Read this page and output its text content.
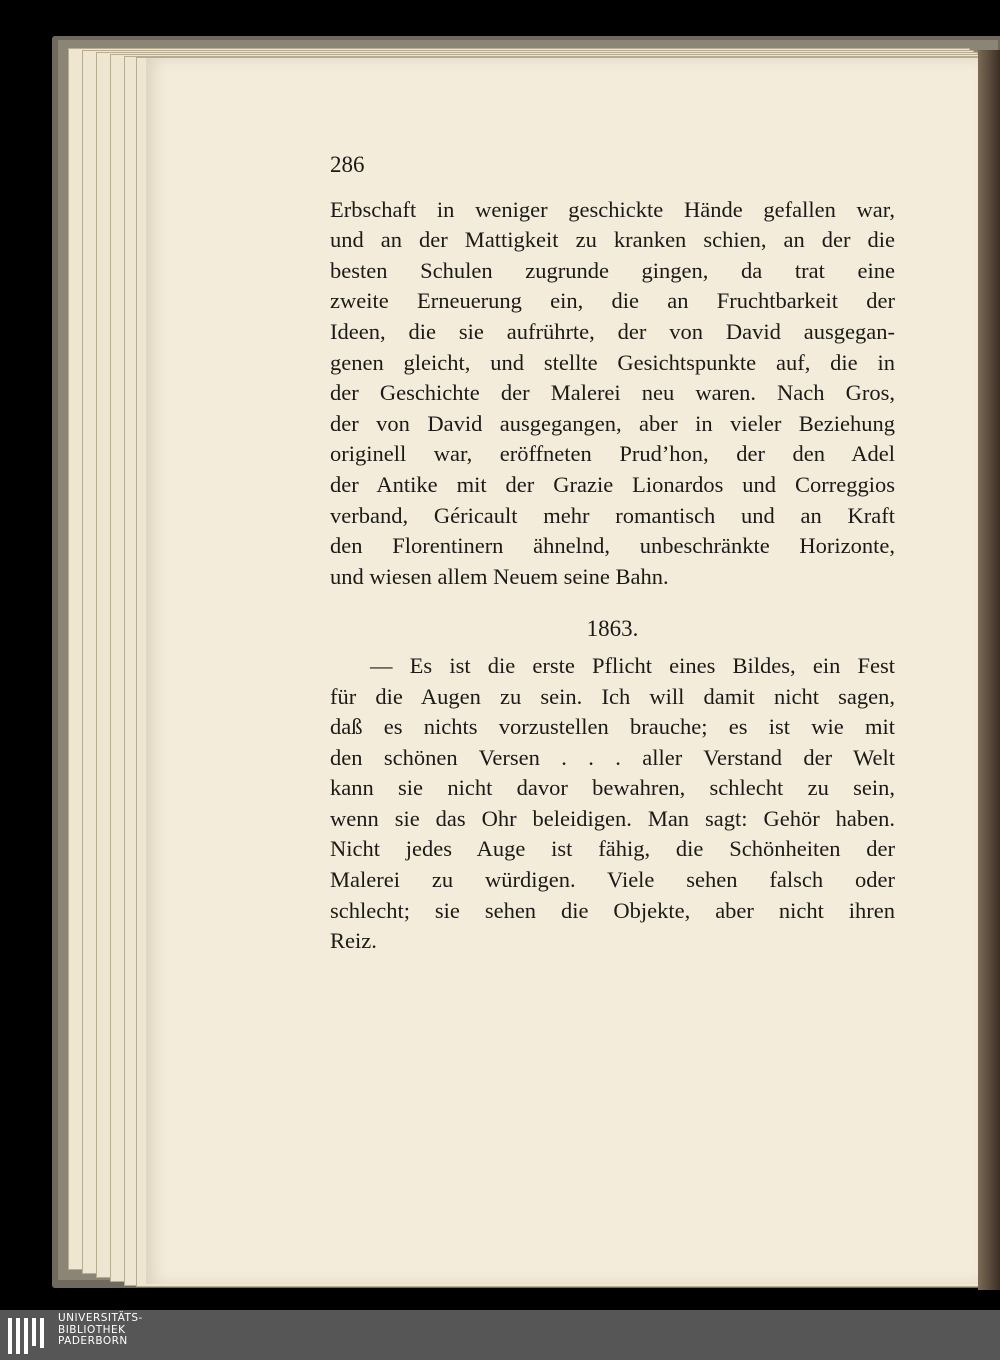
286
Erbschaft in weniger geschickte Hände gefallen war,
und an der Mattigkeit zu kranken schien, an der die
besten Schulen zugrunde gingen, da trat eine
zweite Erneuerung ein, die an Fruchtbarkeit der
Ideen, die sie aufrührte, der von David ausgegan-
genen gleicht, und stellte Gesichtspunkte auf, die in
der Geschichte der Malerei neu waren. Nach Gros,
der von David ausgegangen, aber in vieler Beziehung
originell war, eröffneten Prud’hon, der den Adel
der Antike mit der Grazie Lionardos und Correggios
verband, Géricault mehr romantisch und an Kraft
den Florentinern ähnelnd, unbeschränkte Horizonte,
und wiesen allem Neuem seine Bahn.
1863.
— Es ist die erste Pflicht eines Bildes, ein Fest
für die Augen zu sein. Ich will damit nicht sagen,
daß es nichts vorzustellen brauche; es ist wie mit
den schönen Versen . . . aller Verstand der Welt
kann sie nicht davor bewahren, schlecht zu sein,
wenn sie das Ohr beleidigen. Man sagt: Gehör haben.
Nicht jedes Auge ist fähig, die Schönheiten der
Malerei zu würdigen. Viele sehen falsch oder
schlecht; sie sehen die Objekte, aber nicht ihren
Reiz.
UNIVERSITÄTS-
BIBLIOTHEK
PADERBORN
